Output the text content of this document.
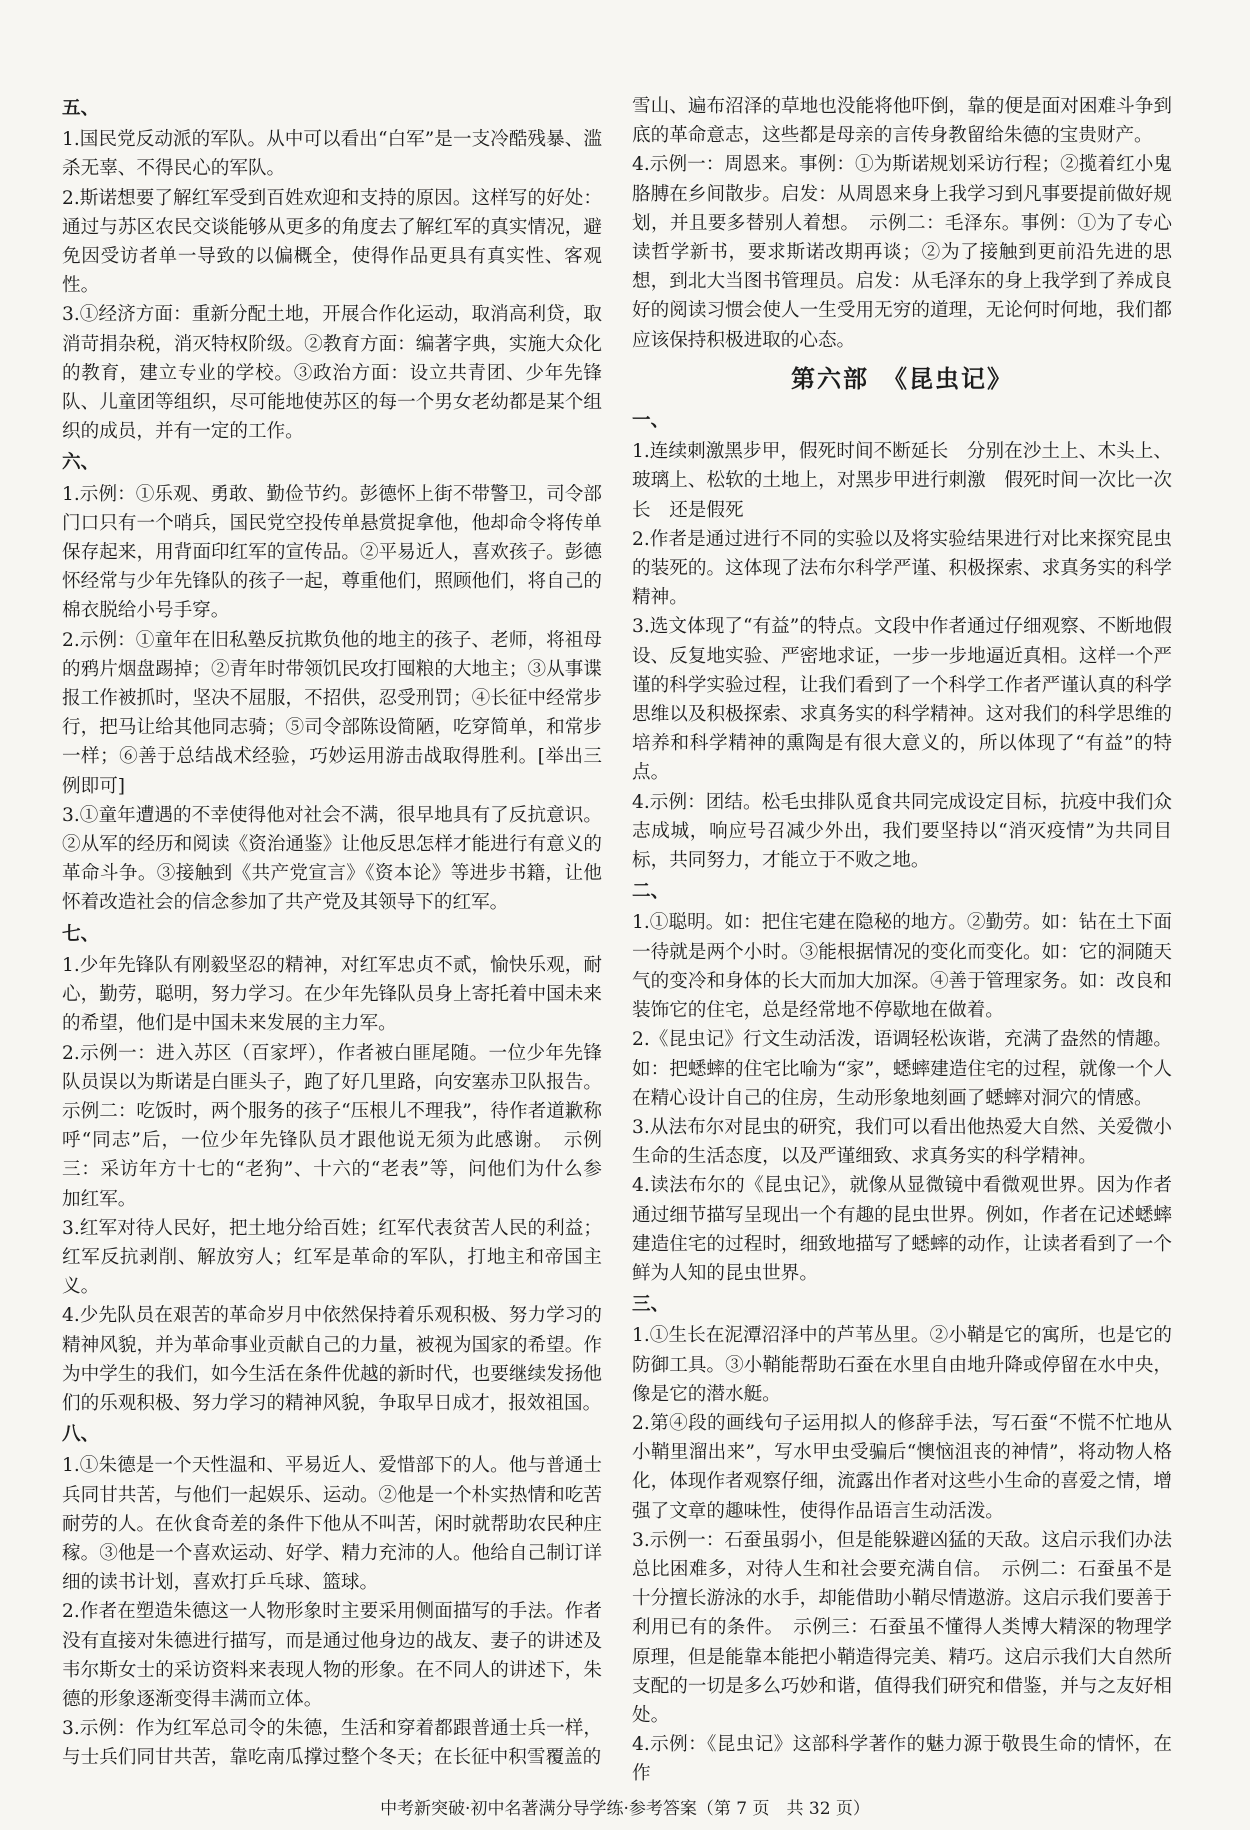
五、

1.国民党反动派的军队。从中可以看出“白军”是一支冷酷残暴、滥杀无辜、不得民心的军队。

2.斯诺想要了解红军受到百姓欢迎和支持的原因。这样写的好处：通过与苏区农民交谈能够从更多的角度去了解红军的真实情况，避免因受访者单一导致的以偏概全，使得作品更具有真实性、客观性。

3.①经济方面：重新分配土地，开展合作化运动，取消高利贷，取消苛捐杂税，消灭特权阶级。②教育方面：编著字典，实施大众化的教育，建立专业的学校。③政治方面：设立共青团、少年先锋队、儿童团等组织，尽可能地使苏区的每一个男女老幼都是某个组织的成员，并有一定的工作。

六、

1.示例：①乐观、勇敢、勤俭节约。彭德怀上街不带警卫，司令部门口只有一个哨兵，国民党空投传单悬赏捉拿他，他却命令将传单保存起来，用背面印红军的宣传品。②平易近人，喜欢孩子。彭德怀经常与少年先锋队的孩子一起，尊重他们，照顾他们，将自己的棉衣脱给小号手穿。

2.示例：①童年在旧私塾反抗欺负他的地主的孩子、老师，将祖母的鸦片烟盘踢掉；②青年时带领饥民攻打囤粮的大地主；③从事谍报工作被抓时，坚决不屈服，不招供，忍受刑罚；④长征中经常步行，把马让给其他同志骑；⑤司令部陈设简陋，吃穿简单，和常步一样；⑥善于总结战术经验，巧妙运用游击战取得胜利。[举出三例即可]

3.①童年遭遇的不幸使得他对社会不满，很早地具有了反抗意识。②从军的经历和阅读《资治通鉴》让他反思怎样才能进行有意义的革命斗争。③接触到《共产党宣言》《资本论》等进步书籍，让他怀着改造社会的信念参加了共产党及其领导下的红军。

七、

1.少年先锋队有刚毅坚忍的精神，对红军忠贞不贰，愉快乐观，耐心，勤劳，聪明，努力学习。在少年先锋队员身上寄托着中国未来的希望，他们是中国未来发展的主力军。

2.示例一：进入苏区（百家坪），作者被白匪尾随。一位少年先锋队员误以为斯诺是白匪头子，跑了好几里路，向安塞赤卫队报告。示例二：吃饭时，两个服务的孩子“压根儿不理我”，待作者道歉称呼“同志”后，一位少年先锋队员才跟他说无须为此感谢。　示例三：采访年方十七的“老狗”、十六的“老表”等，问他们为什么参加红军。

3.红军对待人民好，把土地分给百姓；红军代表贫苦人民的利益；红军反抗剥削、解放穷人；红军是革命的军队，打地主和帝国主义。

4.少先队员在艰苦的革命岁月中依然保持着乐观积极、努力学习的精神风貌，并为革命事业贡献自己的力量，被视为国家的希望。作为中学生的我们，如今生活在条件优越的新时代，也要继续发扬他们的乐观积极、努力学习的精神风貌，争取早日成才，报效祖国。

八、

1.①朱德是一个天性温和、平易近人、爱惜部下的人。他与普通士兵同甘共苦，与他们一起娱乐、运动。②他是一个朴实热情和吃苦耐劳的人。在伙食奇差的条件下他从不叫苦，闲时就帮助农民种庄稼。③他是一个喜欢运动、好学、精力充沛的人。他给自己制订详细的读书计划，喜欢打乒乓球、篮球。

2.作者在塑造朱德这一人物形象时主要采用侧面描写的手法。作者没有直接对朱德进行描写，而是通过他身边的战友、妻子的讲述及韦尔斯女士的采访资料来表现人物的形象。在不同人的讲述下，朱德的形象逐渐变得丰满而立体。

3.示例：作为红军总司令的朱德，生活和穿着都跟普通士兵一样，与士兵们同甘共苦，靠吃南瓜撑过整个冬天；在长征中积雪覆盖的

雪山、遍布沼泽的草地也没能将他吓倒，靠的便是面对困难斗争到底的革命意志，这些都是母亲的言传身教留给朱德的宝贵财产。

4.示例一：周恩来。事例：①为斯诺规划采访行程；②揽着红小鬼胳膊在乡间散步。启发：从周恩来身上我学习到凡事要提前做好规划，并且要多替别人着想。　示例二：毛泽东。事例：①为了专心读哲学新书，要求斯诺改期再谈；②为了接触到更前沿先进的思想，到北大当图书管理员。启发：从毛泽东的身上我学到了养成良好的阅读习惯会使人一生受用无穷的道理，无论何时何地，我们都应该保持积极进取的心态。

第六部　《昆虫记》
一、

1.连续刺激黑步甲，假死时间不断延长　分别在沙土上、木头上、玻璃上、松软的土地上，对黑步甲进行刺激　假死时间一次比一次长　还是假死

2.作者是通过进行不同的实验以及将实验结果进行对比来探究昆虫的装死的。这体现了法布尔科学严谨、积极探索、求真务实的科学精神。

3.选文体现了“有益”的特点。文段中作者通过仔细观察、不断地假设、反复地实验、严密地求证，一步一步地逼近真相。这样一个严谨的科学实验过程，让我们看到了一个科学工作者严谨认真的科学思维以及积极探索、求真务实的科学精神。这对我们的科学思维的培养和科学精神的熏陶是有很大意义的，所以体现了“有益”的特点。

4.示例：团结。松毛虫排队觅食共同完成设定目标，抗疫中我们众志成城，响应号召减少外出，我们要坚持以“消灭疫情”为共同目标，共同努力，才能立于不败之地。

二、

1.①聪明。如：把住宅建在隐秘的地方。②勤劳。如：钻在土下面一待就是两个小时。③能根据情况的变化而变化。如：它的洞随天气的变冷和身体的长大而加大加深。④善于管理家务。如：改良和装饰它的住宅，总是经常地不停歇地在做着。

2.《昆虫记》行文生动活泼，语调轻松诙谐，充满了盎然的情趣。如：把蟋蟀的住宅比喻为“家”，蟋蟀建造住宅的过程，就像一个人在精心设计自己的住房，生动形象地刻画了蟋蟀对洞穴的情感。

3.从法布尔对昆虫的研究，我们可以看出他热爱大自然、关爱微小生命的生活态度，以及严谨细致、求真务实的科学精神。

4.读法布尔的《昆虫记》，就像从显微镜中看微观世界。因为作者通过细节描写呈现出一个有趣的昆虫世界。例如，作者在记述蟋蟀建造住宅的过程时，细致地描写了蟋蟀的动作，让读者看到了一个鲜为人知的昆虫世界。

三、

1.①生长在泥潭沼泽中的芦苇丛里。②小鞘是它的寓所，也是它的防御工具。③小鞘能帮助石蚕在水里自由地升降或停留在水中央，像是它的潜水艇。

2.第④段的画线句子运用拟人的修辞手法，写石蚕“不慌不忙地从小鞘里溜出来”，写水甲虫受骗后“懊恼沮丧的神情”，将动物人格化，体现作者观察仔细，流露出作者对这些小生命的喜爱之情，增强了文章的趣味性，使得作品语言生动活泼。

3.示例一：石蚕虽弱小，但是能躲避凶猛的天敌。这启示我们办法总比困难多，对待人生和社会要充满自信。　示例二：石蚕虽不是十分擅长游泳的水手，却能借助小鞘尽情遨游。这启示我们要善于利用已有的条件。　示例三：石蚕虽不懂得人类博大精深的物理学原理，但是能靠本能把小鞘造得完美、精巧。这启示我们大自然所支配的一切是多么巧妙和谐，值得我们研究和借鉴，并与之友好相处。

4.示例：《昆虫记》这部科学著作的魅力源于敬畏生命的情怀，在作

中考新突破·初中名著满分导学练·参考答案（第 7 页　共 32 页）
